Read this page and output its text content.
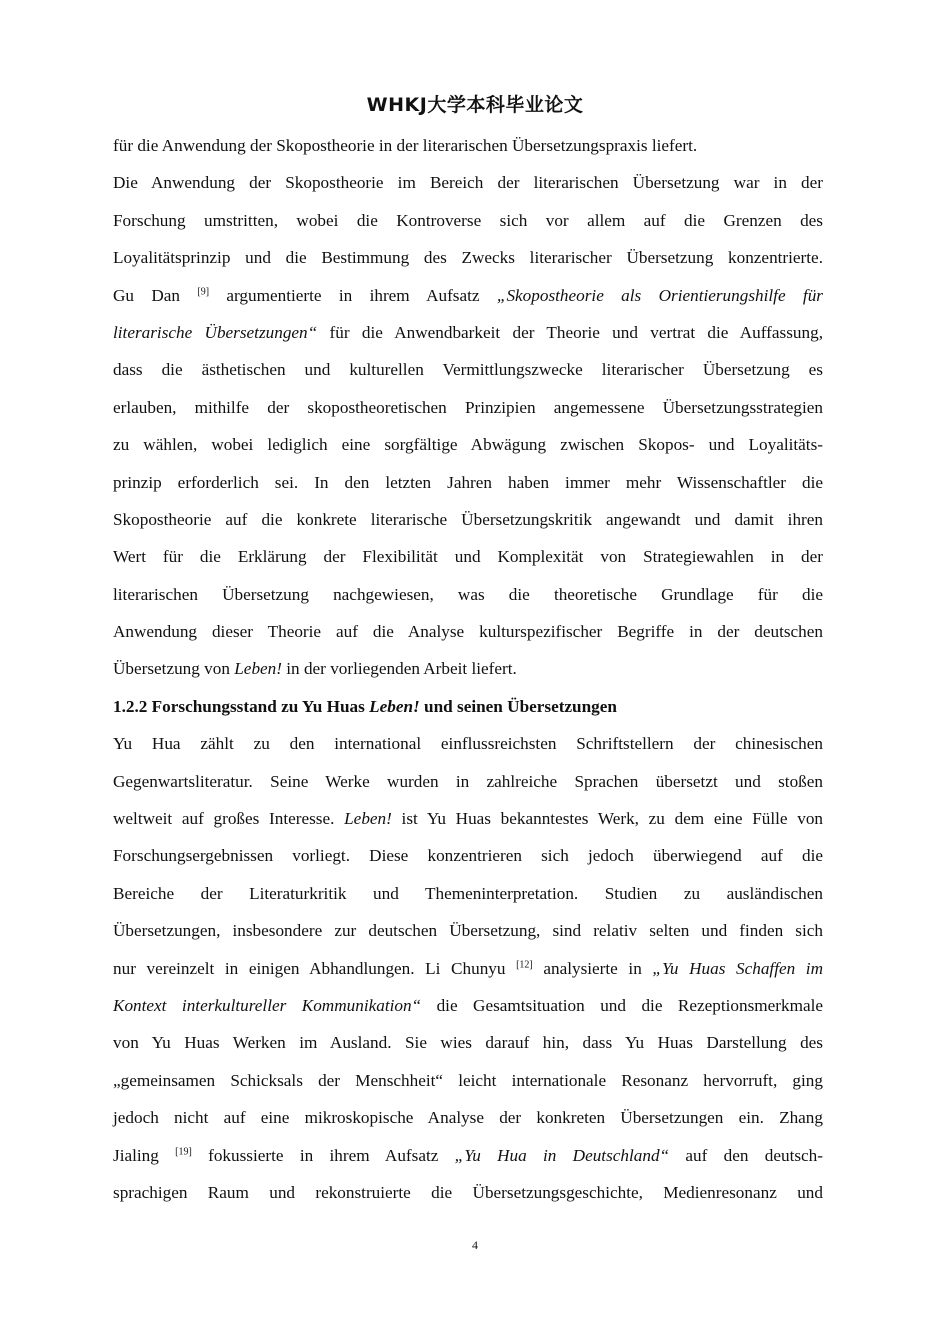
WHKJ大学本科毕业论文
für die Anwendung der Skopostheorie in der literarischen Übersetzungspraxis liefert.
Die Anwendung der Skopostheorie im Bereich der literarischen Übersetzung war in der
Forschung umstritten, wobei die Kontroverse sich vor allem auf die Grenzen des
Loyalitätsprinzip und die Bestimmung des Zwecks literarischer Übersetzung konzentrierte.
Gu Dan [9] argumentierte in ihrem Aufsatz „Skopostheorie als Orientierungshilfe für
literarische Übersetzungen“ für die Anwendbarkeit der Theorie und vertrat die Auffassung,
dass die ästhetischen und kulturellen Vermittlungszwecke literarischer Übersetzung es
erlauben, mithilfe der skopostheoretischen Prinzipien angemessene Übersetzungsstrategien
zu wählen, wobei lediglich eine sorgfältige Abwägung zwischen Skopos- und Loyalitäts-
prinzip erforderlich sei. In den letzten Jahren haben immer mehr Wissenschaftler die
Skopostheorie auf die konkrete literarische Übersetzungskritik angewandt und damit ihren
Wert für die Erklärung der Flexibilität und Komplexität von Strategiewahlen in der
literarischen Übersetzung nachgewiesen, was die theoretische Grundlage für die
Anwendung dieser Theorie auf die Analyse kulturspezifischer Begriffe in der deutschen
Übersetzung von Leben! in der vorliegenden Arbeit liefert.
1.2.2 Forschungsstand zu Yu Huas Leben! und seinen Übersetzungen
Yu Hua zählt zu den international einflussreichsten Schriftstellern der chinesischen
Gegenwartsliteratur. Seine Werke wurden in zahlreiche Sprachen übersetzt und stoßen
weltweit auf großes Interesse. Leben! ist Yu Huas bekanntestes Werk, zu dem eine Fülle von
Forschungsergebnissen vorliegt. Diese konzentrieren sich jedoch überwiegend auf die
Bereiche der Literaturkritik und Themeninterpretation. Studien zu ausländischen
Übersetzungen, insbesondere zur deutschen Übersetzung, sind relativ selten und finden sich
nur vereinzelt in einigen Abhandlungen. Li Chunyu [12] analysierte in „Yu Huas Schaffen im
Kontext interkultureller Kommunikation“ die Gesamtsituation und die Rezeptionsmerkmale
von Yu Huas Werken im Ausland. Sie wies darauf hin, dass Yu Huas Darstellung des
„gemeinsamen Schicksals der Menschheit“ leicht internationale Resonanz hervorruft, ging
jedoch nicht auf eine mikroskopische Analyse der konkreten Übersetzungen ein. Zhang
Jialing [19] fokussierte in ihrem Aufsatz „Yu Hua in Deutschland“ auf den deutsch-
sprachigen Raum und rekonstruierte die Übersetzungsgeschichte, Medienresonanz und
4
